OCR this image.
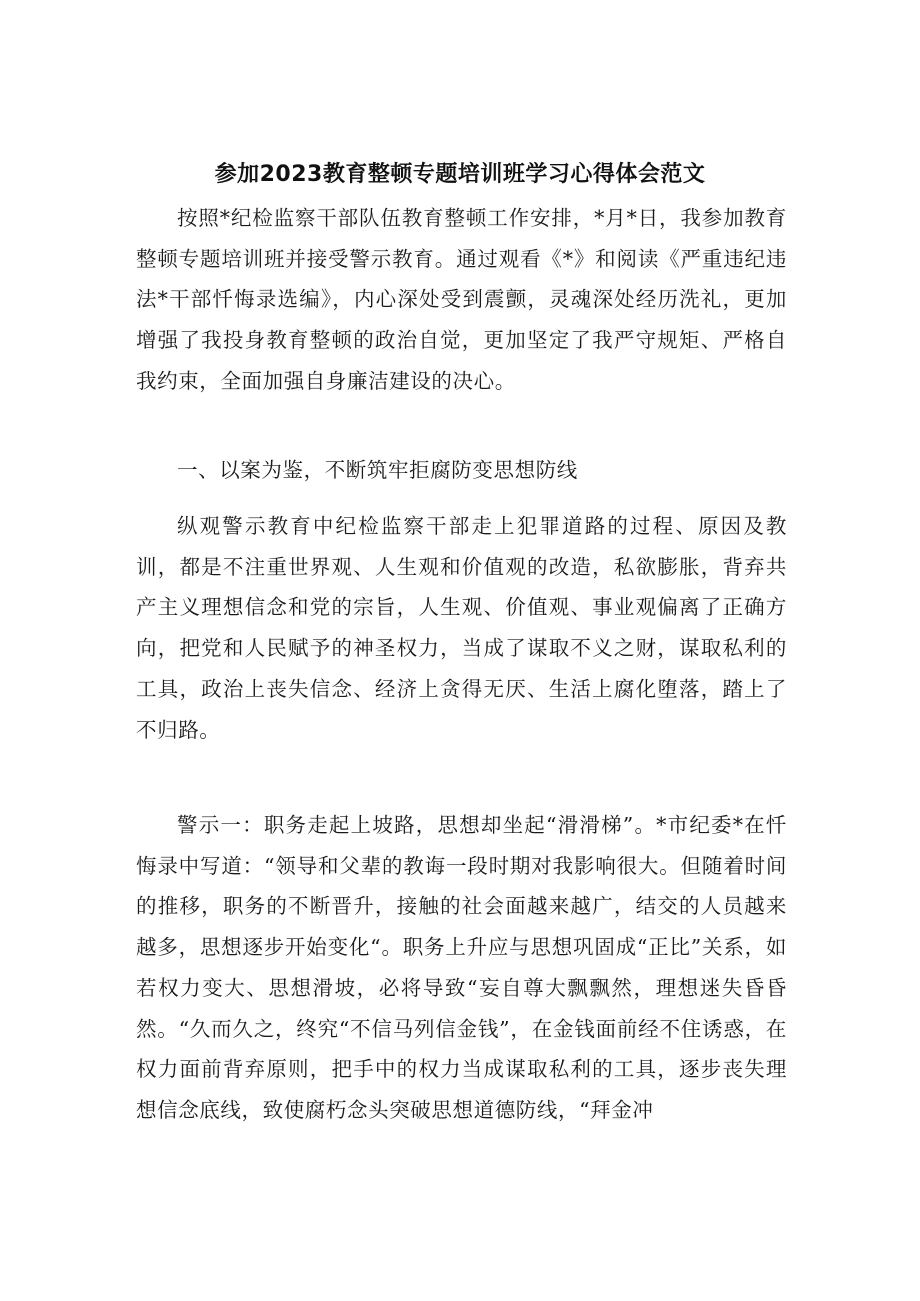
参加2023教育整顿专题培训班学习心得体会范文

按照*纪检监察干部队伍教育整顿工作安排，*月*日，我参加教育整顿专题培训班并接受警示教育。通过观看《*》和阅读《严重违纪违法*干部忏悔录选编》，内心深处受到震颤，灵魂深处经历洗礼，更加增强了我投身教育整顿的政治自觉，更加坚定了我严守规矩、严格自我约束，全面加强自身廉洁建设的决心。

一、以案为鉴，不断筑牢拒腐防变思想防线

纵观警示教育中纪检监察干部走上犯罪道路的过程、原因及教训，都是不注重世界观、人生观和价值观的改造，私欲膨胀，背弃共产主义理想信念和党的宗旨，人生观、价值观、事业观偏离了正确方向，把党和人民赋予的神圣权力，当成了谋取不义之财，谋取私利的工具，政治上丧失信念、经济上贪得无厌、生活上腐化堕落，踏上了不归路。

警示一：职务走起上坡路，思想却坐起“滑滑梯”。*市纪委*在忏悔录中写道：“领导和父辈的教诲一段时期对我影响很大。但随着时间的推移，职务的不断晋升，接触的社会面越来越广，结交的人员越来越多，思想逐步开始变化“。职务上升应与思想巩固成“正比”关系，如若权力变大、思想滑坡，必将导致“妄自尊大飘飘然，理想迷失昏昏然。“久而久之，终究“不信马列信金钱”，在金钱面前经不住诱惑，在权力面前背弃原则，把手中的权力当成谋取私利的工具，逐步丧失理想信念底线，致使腐朽念头突破思想道德防线，“拜金冲
